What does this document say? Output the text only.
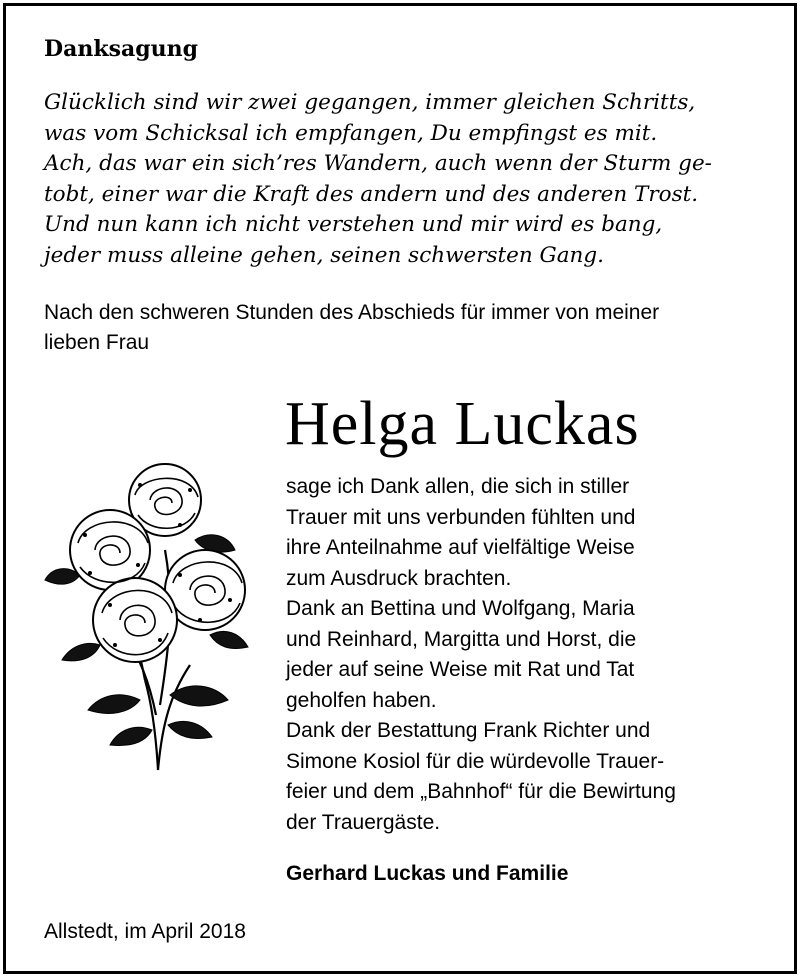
Danksagung
Glücklich sind wir zwei gegangen, immer gleichen Schritts,
was vom Schicksal ich empfangen, Du empfingst es mit.
Ach, das war ein sich’res Wandern, auch wenn der Sturm ge-
tobt, einer war die Kraft des andern und des anderen Trost.
Und nun kann ich nicht verstehen und mir wird es bang,
jeder muss alleine gehen, seinen schwersten Gang.
Nach den schweren Stunden des Abschieds für immer von meiner
lieben Frau
Helga Luckas
sage ich Dank allen, die sich in stiller
Trauer mit uns verbunden fühlten und
ihre Anteilnahme auf vielfältige Weise
zum Ausdruck brachten.
Dank an Bettina und Wolfgang, Maria
und Reinhard, Margitta und Horst, die
jeder auf seine Weise mit Rat und Tat
geholfen haben.
Dank der Bestattung Frank Richter und
Simone Kosiol für die würdevolle Trauer-
feier und dem „Bahnhof“ für die Bewirtung
der Trauergäste.
Gerhard Luckas und Familie
Allstedt, im April 2018
